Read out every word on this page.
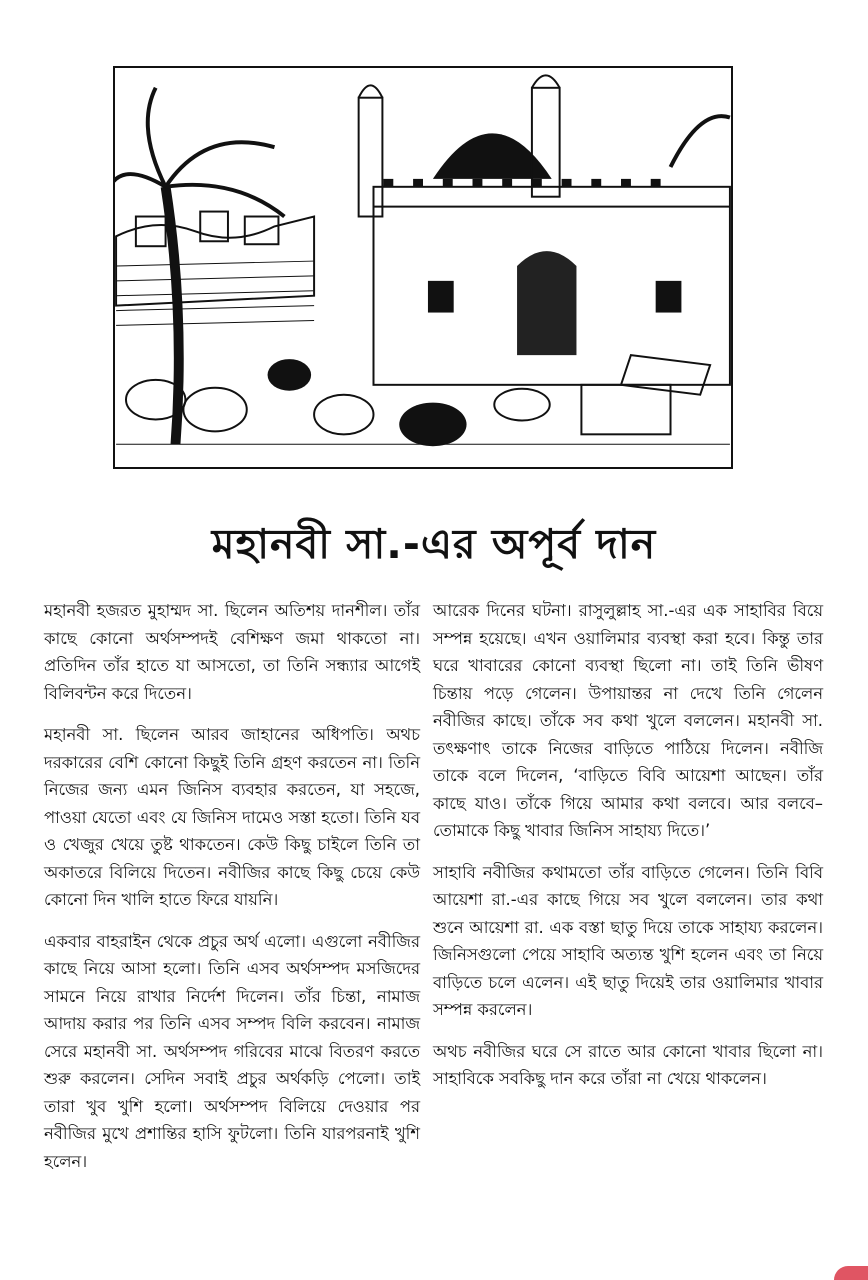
মহানবী সা.-এর অপূর্ব দান

মহানবী হজরত মুহাম্মদ সা. ছিলেন অতিশয় দানশীল। তাঁর কাছে কোনো অর্থসম্পদই বেশিক্ষণ জমা থাকতো না। প্রতিদিন তাঁর হাতে যা আসতো, তা তিনি সন্ধ্যার আগেই বিলিবন্টন করে দিতেন।

মহানবী সা. ছিলেন আরব জাহানের অধিপতি। অথচ দরকারের বেশি কোনো কিছুই তিনি গ্রহণ করতেন না। তিনি নিজের জন্য এমন জিনিস ব্যবহার করতেন, যা সহজে, পাওয়া যেতো এবং যে জিনিস দামেও সস্তা হতো। তিনি যব ও খেজুর খেয়ে তুষ্ট থাকতেন। কেউ কিছু চাইলে তিনি তা অকাতরে বিলিয়ে দিতেন। নবীজির কাছে কিছু চেয়ে কেউ কোনো দিন খালি হাতে ফিরে যায়নি।

একবার বাহরাইন থেকে প্রচুর অর্থ এলো। এগুলো নবীজির কাছে নিয়ে আসা হলো। তিনি এসব অর্থসম্পদ মসজিদের সামনে নিয়ে রাখার নির্দেশ দিলেন। তাঁর চিন্তা, নামাজ আদায় করার পর তিনি এসব সম্পদ বিলি করবেন। নামাজ সেরে মহানবী সা. অর্থসম্পদ গরিবের মাঝে বিতরণ করতে শুরু করলেন। সেদিন সবাই প্রচুর অর্থকড়ি পেলো। তাই তারা খুব খুশি হলো। অর্থসম্পদ বিলিয়ে দেওয়ার পর নবীজির মুখে প্রশান্তির হাসি ফুটলো। তিনি যারপরনাই খুশি হলেন।

আরেক দিনের ঘটনা। রাসুলুল্লাহ সা.-এর এক সাহাবির বিয়ে সম্পন্ন হয়েছে। এখন ওয়ালিমার ব্যবস্থা করা হবে। কিন্তু তার ঘরে খাবারের কোনো ব্যবস্থা ছিলো না। তাই তিনি ভীষণ চিন্তায় পড়ে গেলেন। উপায়ান্তর না দেখে তিনি গেলেন নবীজির কাছে। তাঁকে সব কথা খুলে বললেন। মহানবী সা. তৎক্ষণাৎ তাকে নিজের বাড়িতে পাঠিয়ে দিলেন। নবীজি তাকে বলে দিলেন, ‘বাড়িতে বিবি আয়েশা আছেন। তাঁর কাছে যাও। তাঁকে গিয়ে আমার কথা বলবে। আর বলবে– তোমাকে কিছু খাবার জিনিস সাহায্য দিতে।’

সাহাবি নবীজির কথামতো তাঁর বাড়িতে গেলেন। তিনি বিবি আয়েশা রা.-এর কাছে গিয়ে সব খুলে বললেন। তার কথা শুনে আয়েশা রা. এক বস্তা ছাতু দিয়ে তাকে সাহায্য করলেন। জিনিসগুলো পেয়ে সাহাবি অত্যন্ত খুশি হলেন এবং তা নিয়ে বাড়িতে চলে এলেন। এই ছাতু দিয়েই তার ওয়ালিমার খাবার সম্পন্ন করলেন।

অথচ নবীজির ঘরে সে রাতে আর কোনো খাবার ছিলো না। সাহাবিকে সবকিছু দান করে তাঁরা না খেয়ে থাকলেন।
